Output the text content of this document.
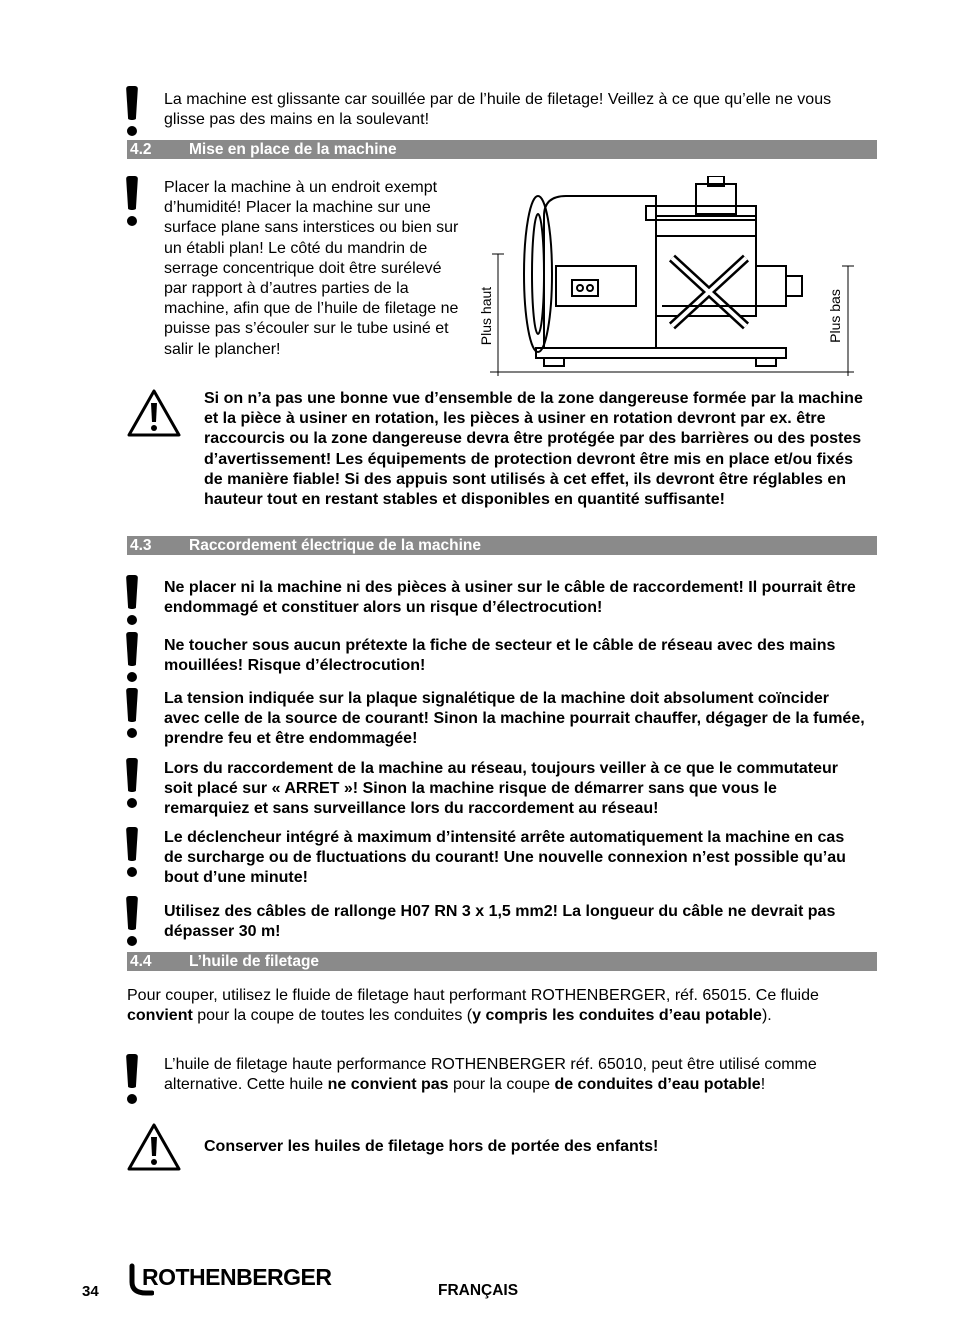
La machine est glissante car souillée par de l’huile de filetage! Veillez à ce que qu’elle ne vous glisse pas des mains en la soulevant!
4.2 Mise en place de la machine
Placer la machine à un endroit exempt d’humidité! Placer la machine sur une surface plane sans interstices ou bien sur un établi plan! Le côté du mandrin de serrage concentrique doit être surélevé par rapport à d’autres parties de la machine, afin que de l’huile de filetage ne puisse pas s’écouler sur le tube usiné et salir le plancher!
Plus haut	Plus bas
Si on n’a pas une bonne vue d’ensemble de la zone dangereuse formée par la machine et la pièce à usiner en rotation, les pièces à usiner en rotation devront par ex. être raccourcis ou la zone dangereuse devra être protégée par des barrières ou des postes d’avertissement! Les équipements de protection devront être mis en place et/ou fixés de manière fiable! Si des appuis sont utilisés à cet effet, ils devront être réglables en hauteur tout en restant stables et disponibles en quantité suffisante!
4.3 Raccordement électrique de la machine
Ne placer ni la machine ni des pièces à usiner sur le câble de raccordement! Il pourrait être endommagé et constituer alors un risque d’électrocution!
Ne toucher sous aucun prétexte la fiche de secteur et le câble de réseau avec des mains mouillées! Risque d’électrocution!
La tension indiquée sur la plaque signalétique de la machine doit absolument coïncider avec celle de la source de courant! Sinon la machine pourrait chauffer, dégager de la fumée, prendre feu et être endommagée!
Lors du raccordement de la machine au réseau, toujours veiller à ce que le commutateur soit placé sur « ARRET »! Sinon la machine risque de démarrer sans que vous le remarquiez et sans surveillance lors du raccordement au réseau!
Le déclencheur intégré à maximum d’intensité arrête automatiquement la machine en cas de surcharge ou de fluctuations du courant! Une nouvelle connexion n’est possible qu’au bout d’une minute!
Utilisez des câbles de rallonge H07 RN 3 x 1,5 mm2! La longueur du câble ne devrait pas dépasser 30 m!
4.4 L’huile de filetage
Pour couper, utilisez le fluide de filetage haut performant ROTHENBERGER, réf. 65015. Ce fluide convient pour la coupe de toutes les conduites (y compris les conduites d’eau potable).
L’huile de filetage haute performance ROTHENBERGER réf. 65010, peut être utilisé comme alternative. Cette huile ne convient pas pour la coupe de conduites d’eau potable!
Conserver les huiles de filetage hors de portée des enfants!
34
ROTHENBERGER
FRANÇAIS
